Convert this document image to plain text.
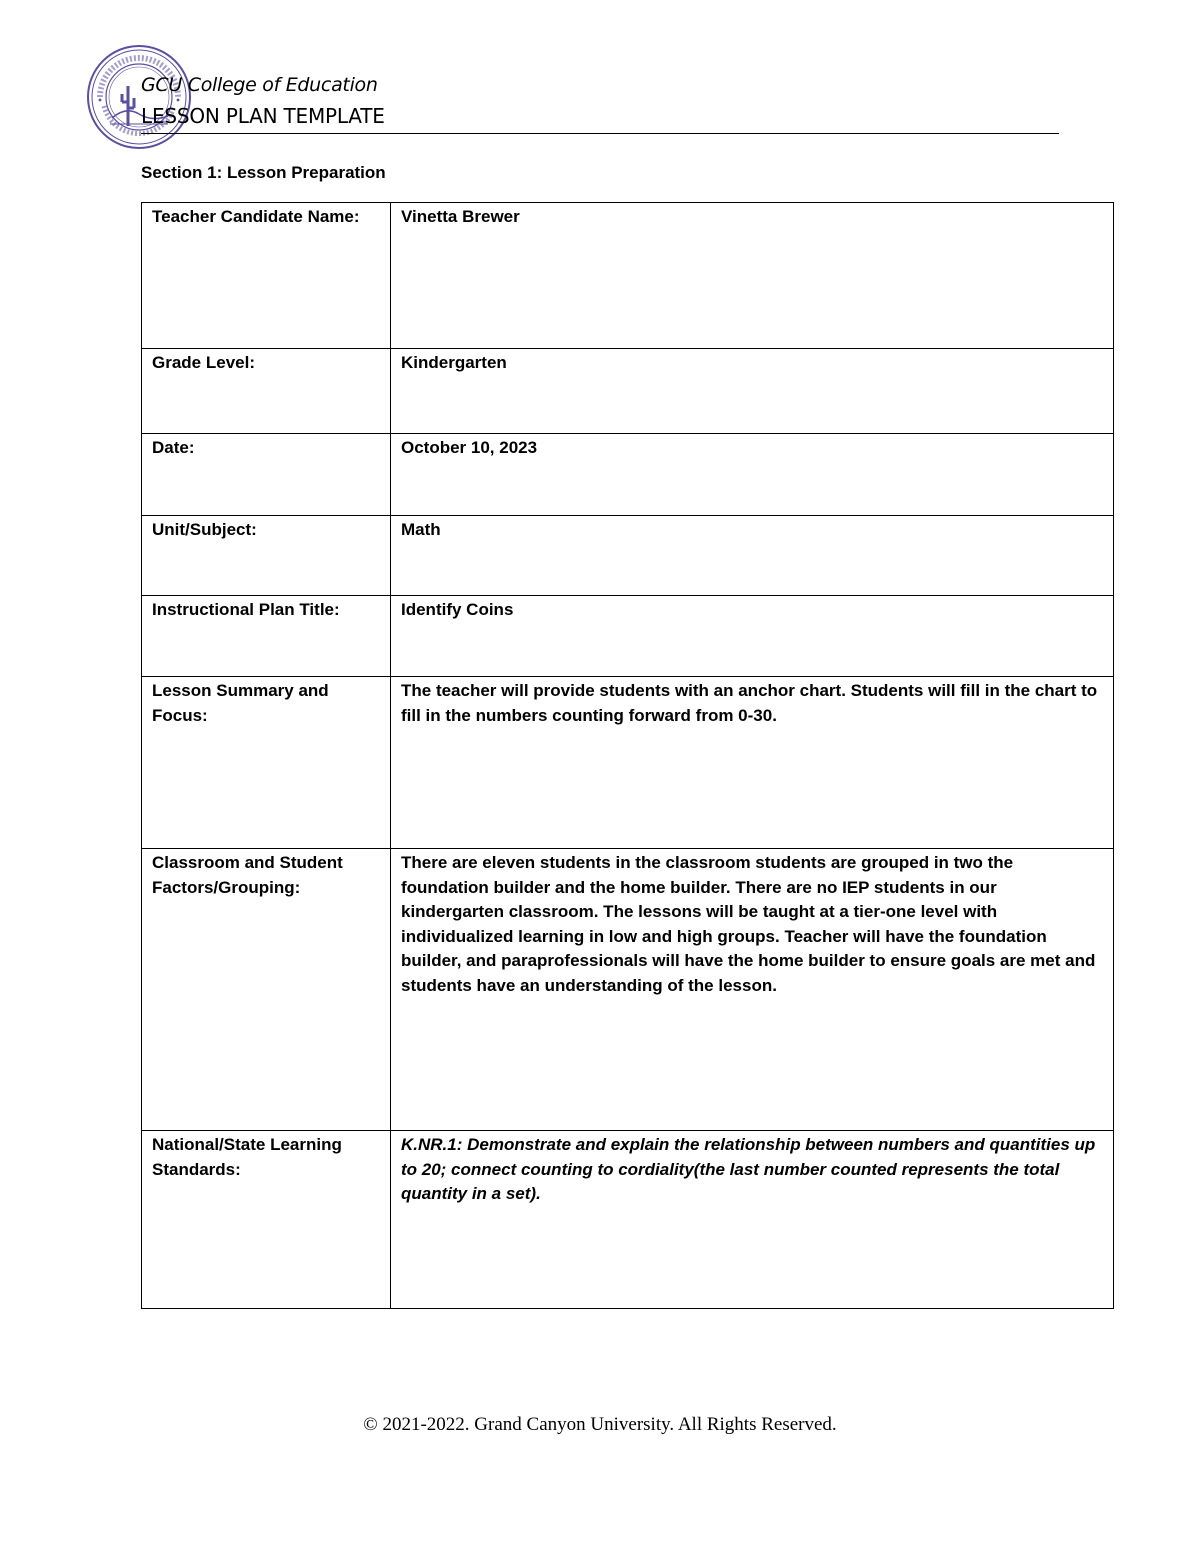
GCU College of Education
LESSON PLAN TEMPLATE
Section 1: Lesson Preparation
Teacher Candidate Name:	Vinetta Brewer
Grade Level:	Kindergarten
Date:	October 10, 2023
Unit/Subject:	Math
Instructional Plan Title:	Identify Coins
Lesson Summary and Focus:	The teacher will provide students with an anchor chart. Students will fill in the chart to fill in the numbers counting forward from 0-30.
Classroom and Student Factors/Grouping:	There are eleven students in the classroom students are grouped in two the foundation builder and the home builder. There are no IEP students in our kindergarten classroom. The lessons will be taught at a tier-one level with individualized learning in low and high groups. Teacher will have the foundation builder, and paraprofessionals will have the home builder to ensure goals are met and students have an understanding of the lesson.
National/State Learning Standards:	K.NR.1: Demonstrate and explain the relationship between numbers and quantities up to 20; connect counting to cordiality(the last number counted represents the total quantity in a set).
© 2021-2022. Grand Canyon University. All Rights Reserved.
